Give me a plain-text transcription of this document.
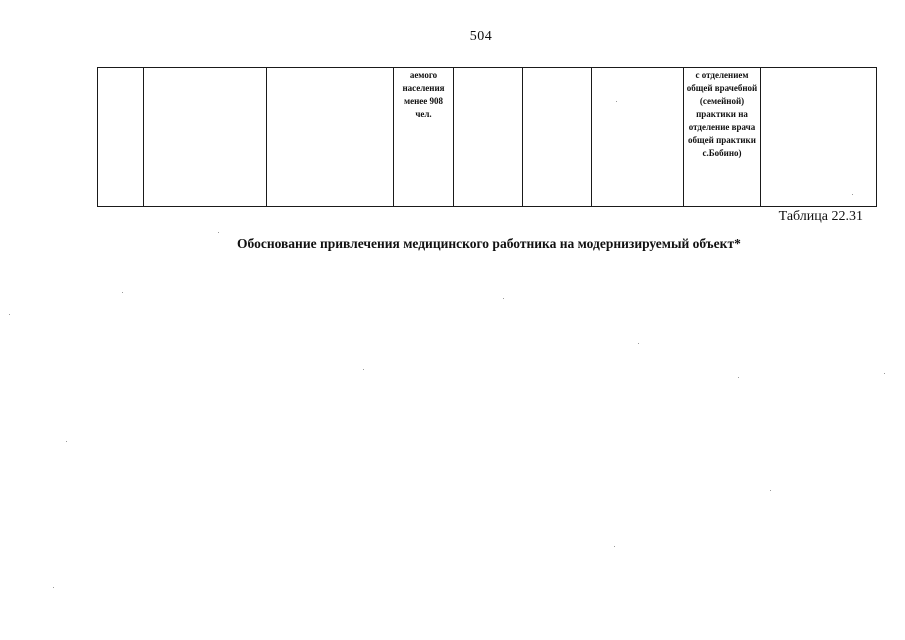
504
			аемого населения менее 908 чел.				с отделением общей врачебной (семейной) практики на отделение врача общей практики с.Бобино)	
Таблица 22.31
Обоснование привлечения медицинского работника на модернизируемый объект*
